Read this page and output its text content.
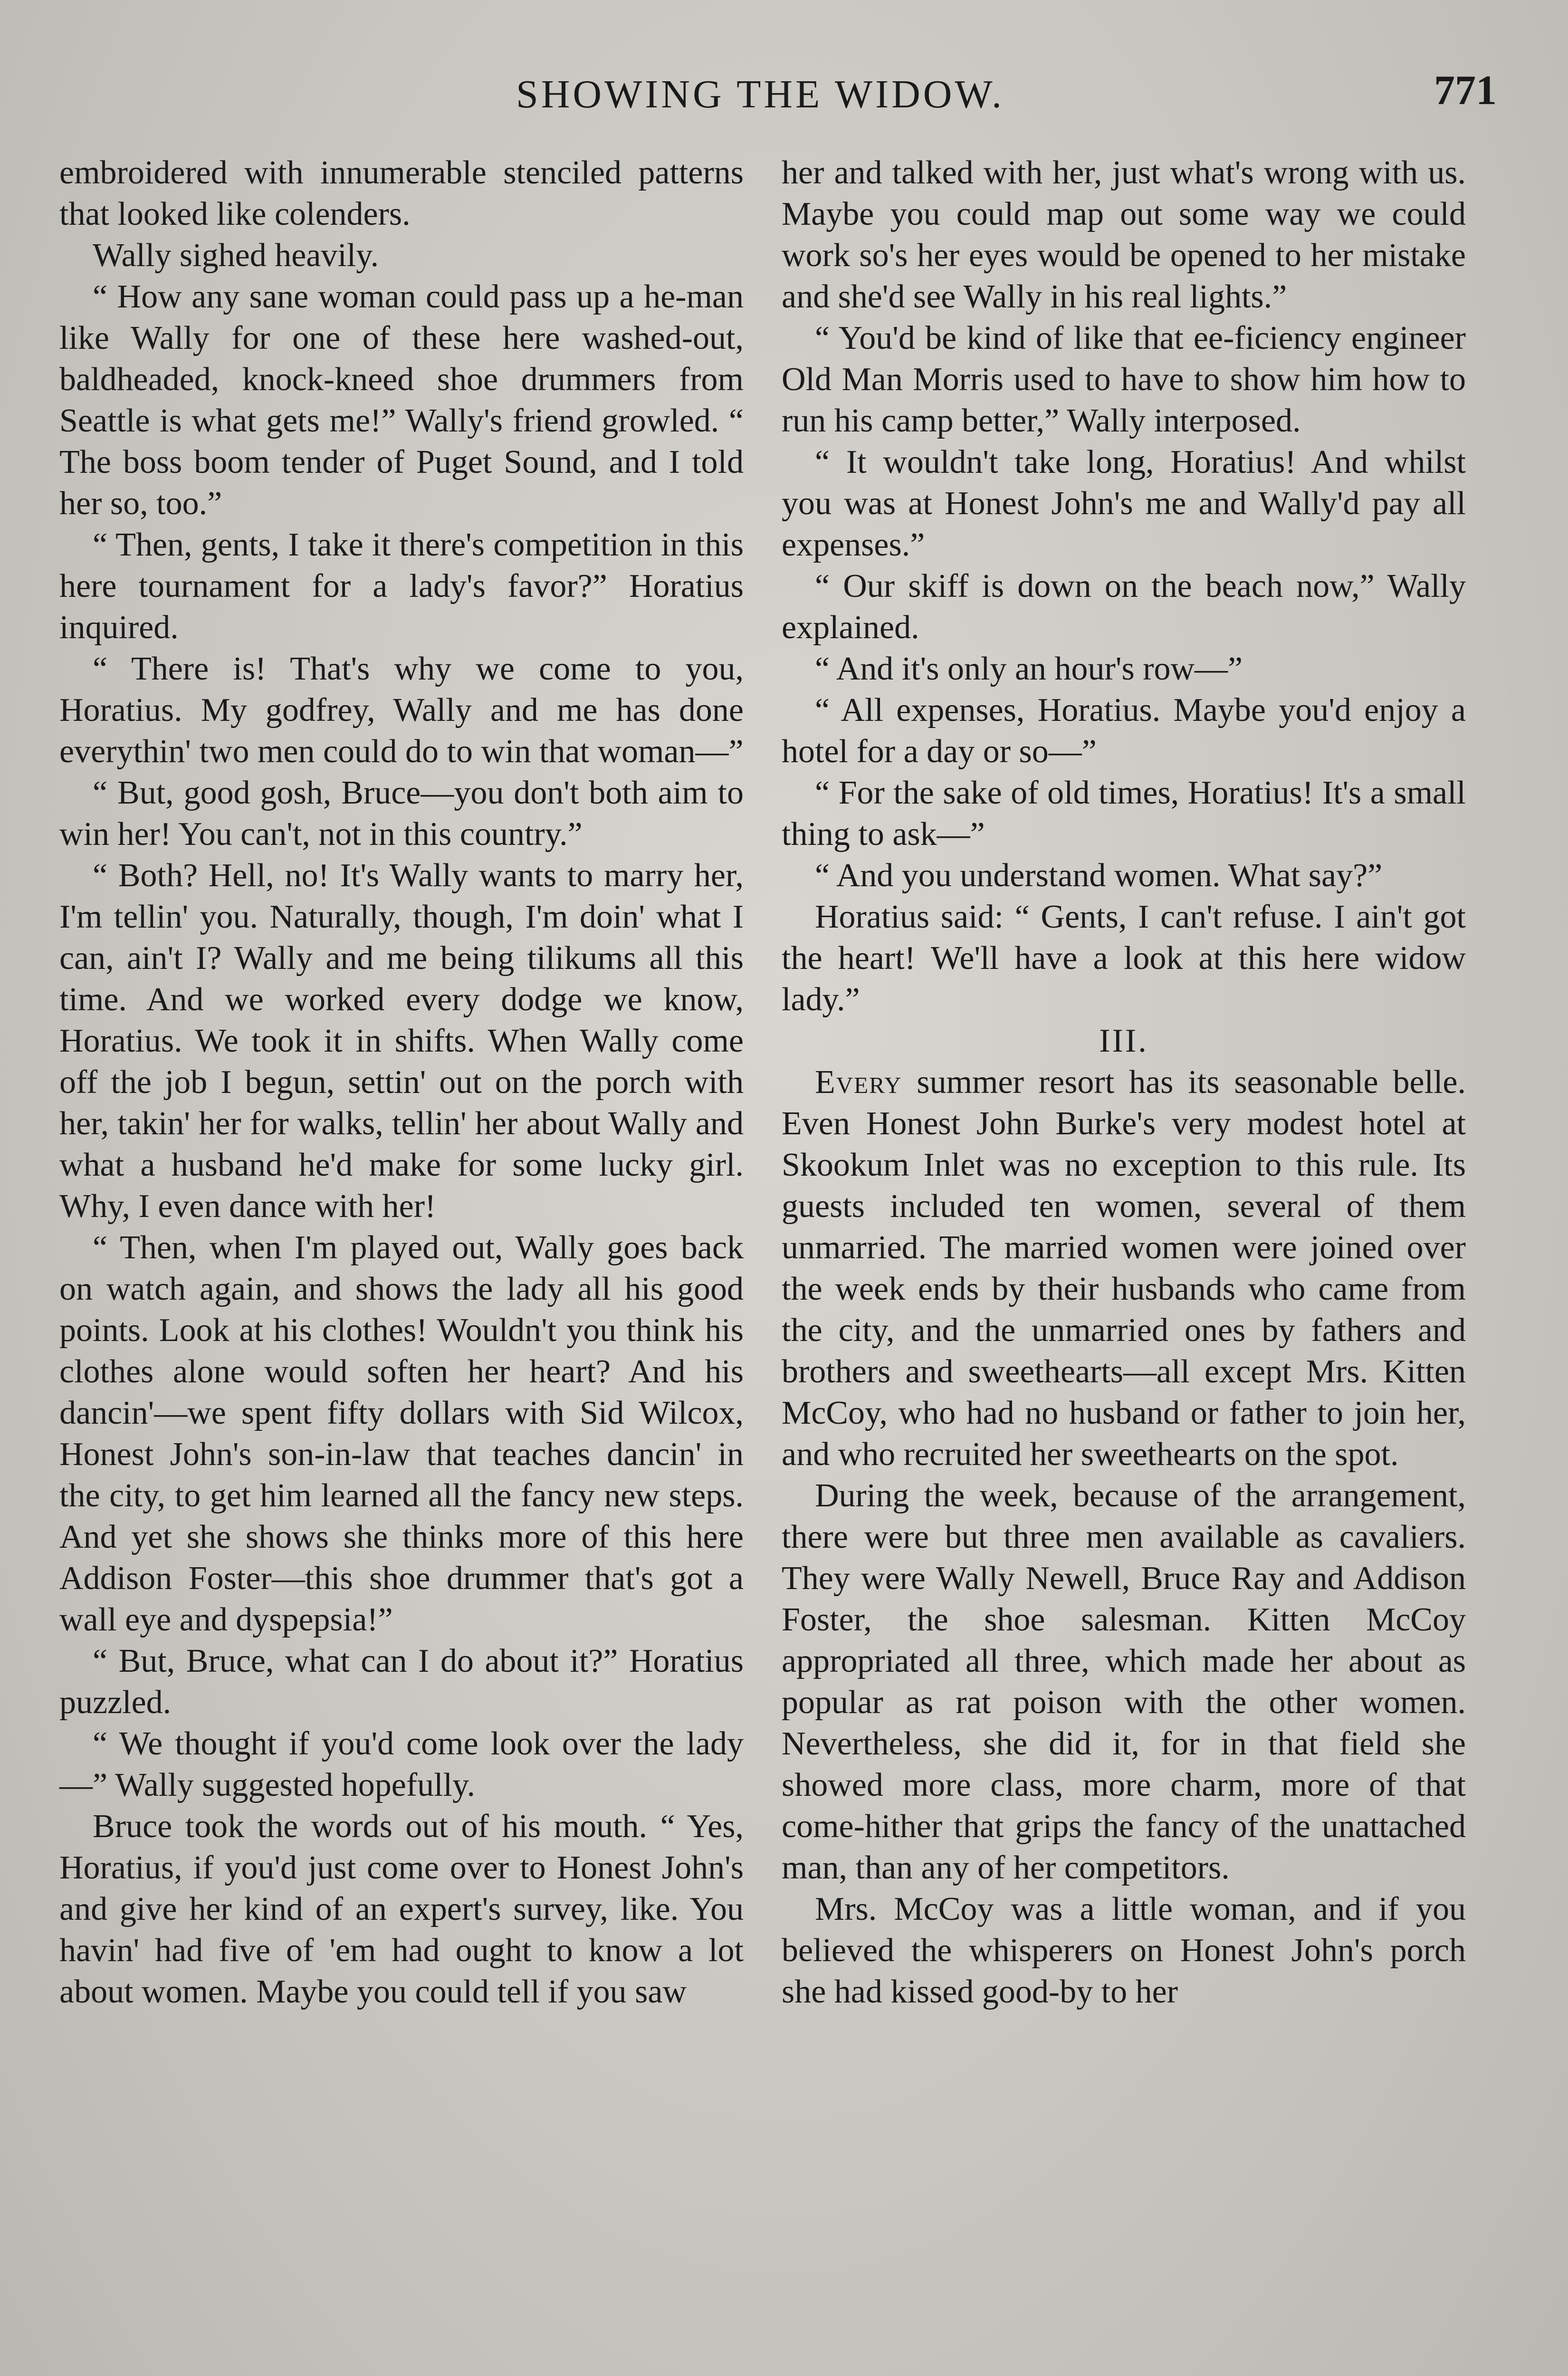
SHOWING THE WIDOW.	771

embroidered with innumerable stenciled patterns that looked like colenders.

Wally sighed heavily.

“ How any sane woman could pass up a he-man like Wally for one of these here washed-out, baldheaded, knock-kneed shoe drummers from Seattle is what gets me!” Wally's friend growled. “ The boss boom tender of Puget Sound, and I told her so, too.”

“ Then, gents, I take it there's competition in this here tournament for a lady's favor?” Horatius inquired.

“ There is! That's why we come to you, Horatius. My godfrey, Wally and me has done everythin' two men could do to win that woman—”

“ But, good gosh, Bruce—you don't both aim to win her! You can't, not in this country.”

“ Both? Hell, no! It's Wally wants to marry her, I'm tellin' you. Naturally, though, I'm doin' what I can, ain't I? Wally and me being tilikums all this time. And we worked every dodge we know, Horatius. We took it in shifts. When Wally come off the job I begun, settin' out on the porch with her, takin' her for walks, tellin' her about Wally and what a husband he'd make for some lucky girl. Why, I even dance with her!

“ Then, when I'm played out, Wally goes back on watch again, and shows the lady all his good points. Look at his clothes! Wouldn't you think his clothes alone would soften her heart? And his dancin'—we spent fifty dollars with Sid Wilcox, Honest John's son-in-law that teaches dancin' in the city, to get him learned all the fancy new steps. And yet she shows she thinks more of this here Addison Foster—this shoe drummer that's got a wall eye and dyspepsia!”

“ But, Bruce, what can I do about it?” Horatius puzzled.

“ We thought if you'd come look over the lady—” Wally suggested hopefully.

Bruce took the words out of his mouth. “ Yes, Horatius, if you'd just come over to Honest John's and give her kind of an expert's survey, like. You havin' had five of 'em had ought to know a lot about women. Maybe you could tell if you saw

her and talked with her, just what's wrong with us. Maybe you could map out some way we could work so's her eyes would be opened to her mistake and she'd see Wally in his real lights.”

“ You'd be kind of like that ee-ficiency engineer Old Man Morris used to have to show him how to run his camp better,” Wally interposed.

“ It wouldn't take long, Horatius! And whilst you was at Honest John's me and Wally'd pay all expenses.”

“ Our skiff is down on the beach now,” Wally explained.

“ And it's only an hour's row—”

“ All expenses, Horatius. Maybe you'd enjoy a hotel for a day or so—”

“ For the sake of old times, Horatius! It's a small thing to ask—”

“ And you understand women. What say?”

Horatius said: “ Gents, I can't refuse. I ain't got the heart! We'll have a look at this here widow lady.”

III.

Every summer resort has its seasonable belle. Even Honest John Burke's very modest hotel at Skookum Inlet was no exception to this rule. Its guests included ten women, several of them unmarried. The married women were joined over the week ends by their husbands who came from the city, and the unmarried ones by fathers and brothers and sweethearts—all except Mrs. Kitten McCoy, who had no husband or father to join her, and who recruited her sweethearts on the spot.

During the week, because of the arrangement, there were but three men available as cavaliers. They were Wally Newell, Bruce Ray and Addison Foster, the shoe salesman. Kitten McCoy appropriated all three, which made her about as popular as rat poison with the other women. Nevertheless, she did it, for in that field she showed more class, more charm, more of that come-hither that grips the fancy of the unattached man, than any of her competitors.

Mrs. McCoy was a little woman, and if you believed the whisperers on Honest John's porch she had kissed good-by to her
